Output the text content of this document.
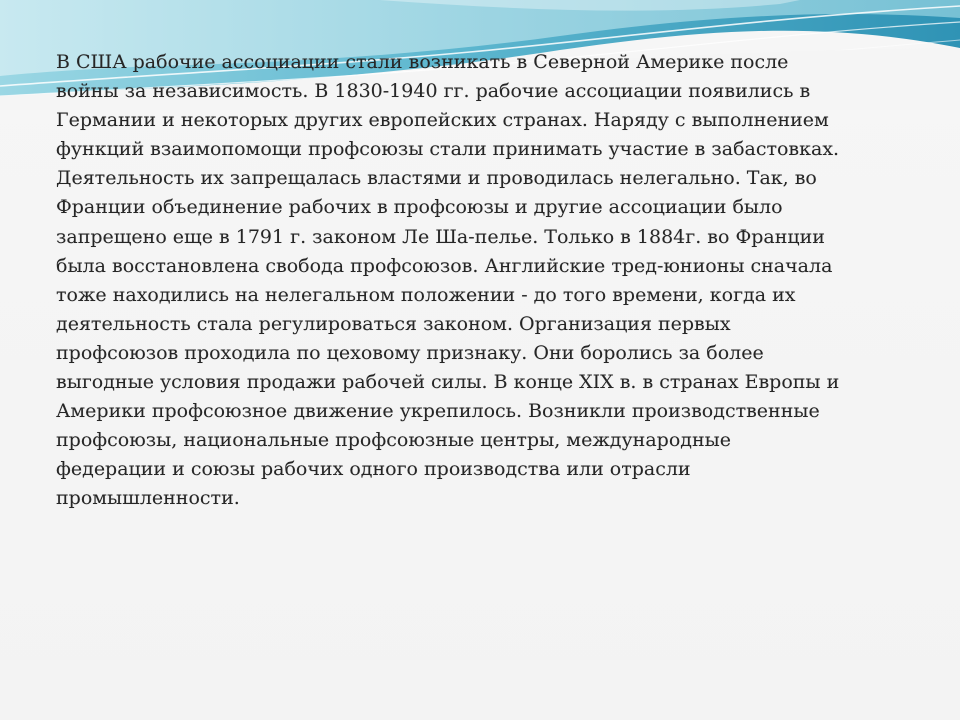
В США рабочие ассоциации стали возникать в Северной Америке после
войны за независимость. В 1830-1940 гг. рабочие ассоциации появились в
Германии и некоторых других европейских странах. Наряду с выполнением
функций взаимопомощи профсоюзы стали принимать участие в забастовках.
Деятельность их запрещалась властями и проводилась нелегально. Так, во
Франции объединение рабочих в профсоюзы и другие ассоциации было
запрещено еще в 1791 г. законом Ле Ша-пелье. Только в 1884г. во Франции
была восстановлена свобода профсоюзов. Английские тред-юнионы сначала
тоже находились на нелегальном положении - до того времени, когда их
деятельность стала регулироваться законом. Организация первых
профсоюзов проходила по цеховому признаку. Они боролись за более
выгодные условия продажи рабочей силы. В конце XIX в. в странах Европы и
Америки профсоюзное движение укрепилось. Возникли производственные
профсоюзы, национальные профсоюзные центры, международные
федерации и союзы рабочих одного производства или отрасли
промышленности.
